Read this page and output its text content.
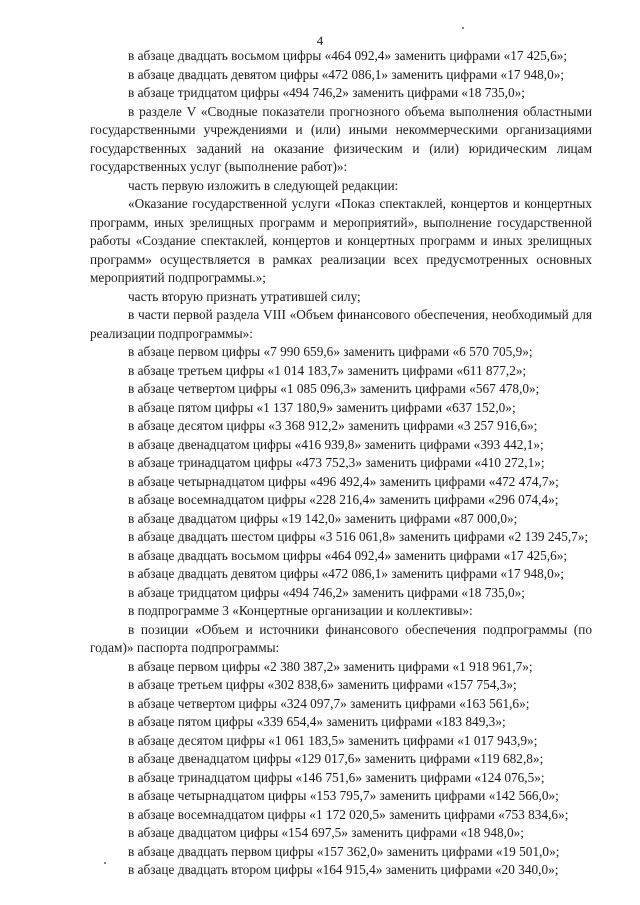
4

в абзаце двадцать восьмом цифры «464 092,4» заменить цифрами «17 425,6»;

в абзаце двадцать девятом цифры «472 086,1» заменить цифрами «17 948,0»;

в абзаце тридцатом цифры «494 746,2» заменить цифрами «18 735,0»;

в разделе V «Сводные показатели прогнозного объема выполнения областными государственными учреждениями и (или) иными некоммерческими организациями государственных заданий на оказание физическим и (или) юридическим лицам государственных услуг (выполнение работ)»:

часть первую изложить в следующей редакции:

«Оказание государственной услуги «Показ спектаклей, концертов и концертных программ, иных зрелищных программ и мероприятий», выполнение государственной работы «Создание спектаклей, концертов и концертных программ и иных зрелищных программ» осуществляется в рамках реализации всех предусмотренных основных мероприятий подпрограммы.»;

часть вторую признать утратившей силу;

в части первой раздела VIII «Объем финансового обеспечения, необходимый для реализации подпрограммы»:

в абзаце первом цифры «7 990 659,6» заменить цифрами «6 570 705,9»;

в абзаце третьем цифры «1 014 183,7» заменить цифрами «611 877,2»;

в абзаце четвертом цифры «1 085 096,3» заменить цифрами «567 478,0»;

в абзаце пятом цифры «1 137 180,9» заменить цифрами «637 152,0»;

в абзаце десятом цифры «3 368 912,2» заменить цифрами «3 257 916,6»;

в абзаце двенадцатом цифры «416 939,8» заменить цифрами «393 442,1»;

в абзаце тринадцатом цифры «473 752,3» заменить цифрами «410 272,1»;

в абзаце четырнадцатом цифры «496 492,4» заменить цифрами «472 474,7»;

в абзаце восемнадцатом цифры «228 216,4» заменить цифрами «296 074,4»;

в абзаце двадцатом цифры «19 142,0» заменить цифрами «87 000,0»;

в абзаце двадцать шестом цифры «3 516 061,8» заменить цифрами «2 139 245,7»;

в абзаце двадцать восьмом цифры «464 092,4» заменить цифрами «17 425,6»;

в абзаце двадцать девятом цифры «472 086,1» заменить цифрами «17 948,0»;

в абзаце тридцатом цифры «494 746,2» заменить цифрами «18 735,0»;

в подпрограмме 3 «Концертные организации и коллективы»:

в позиции «Объем и источники финансового обеспечения подпрограммы (по годам)» паспорта подпрограммы:

в абзаце первом цифры «2 380 387,2» заменить цифрами «1 918 961,7»;

в абзаце третьем цифры «302 838,6» заменить цифрами «157 754,3»;

в абзаце четвертом цифры «324 097,7» заменить цифрами «163 561,6»;

в абзаце пятом цифры «339 654,4» заменить цифрами «183 849,3»;

в абзаце десятом цифры «1 061 183,5» заменить цифрами «1 017 943,9»;

в абзаце двенадцатом цифры «129 017,6» заменить цифрами «119 682,8»;

в абзаце тринадцатом цифры «146 751,6» заменить цифрами «124 076,5»;

в абзаце четырнадцатом цифры «153 795,7» заменить цифрами «142 566,0»;

в абзаце восемнадцатом цифры «1 172 020,5» заменить цифрами «753 834,6»;

в абзаце двадцатом цифры «154 697,5» заменить цифрами «18 948,0»;

в абзаце двадцать первом цифры «157 362,0» заменить цифрами «19 501,0»;

в абзаце двадцать втором цифры «164 915,4» заменить цифрами «20 340,0»;
